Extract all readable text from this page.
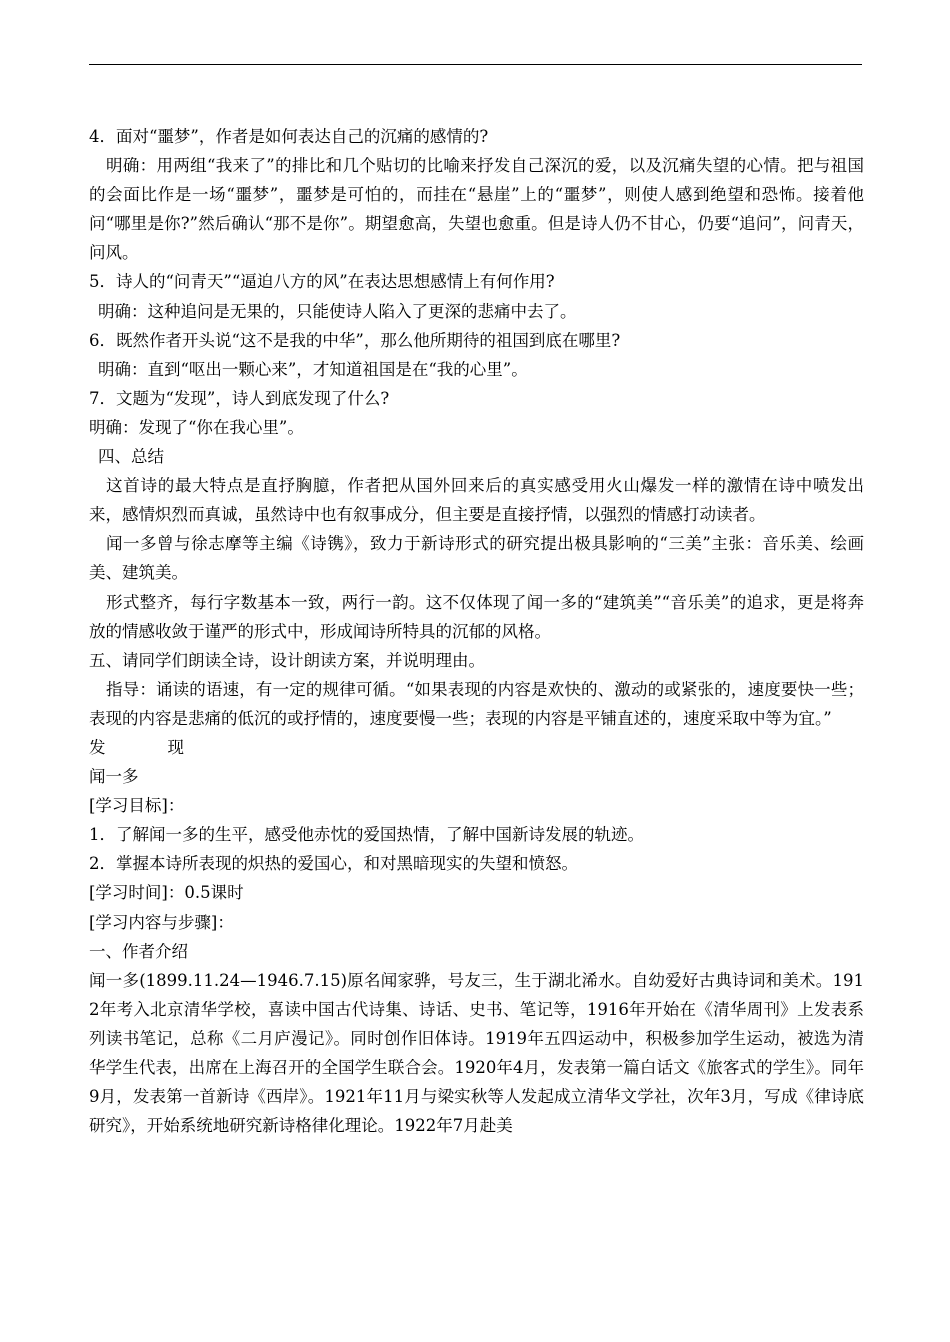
4．面对“噩梦”，作者是如何表达自己的沉痛的感情的?

明确：用两组“我来了”的排比和几个贴切的比喻来抒发自己深沉的爱，以及沉痛失望的心情。把与祖国的会面比作是一场“噩梦”，噩梦是可怕的，而挂在“悬崖”上的“噩梦”，则使人感到绝望和恐怖。接着他问“哪里是你?”然后确认“那不是你”。期望愈高，失望也愈重。但是诗人仍不甘心，仍要“追问”，问青天，问风。

5．诗人的“问青天”“逼迫八方的风”在表达思想感情上有何作用?

明确：这种追问是无果的，只能使诗人陷入了更深的悲痛中去了。

6．既然作者开头说“这不是我的中华”，那么他所期待的祖国到底在哪里?

明确：直到“呕出一颗心来”，才知道祖国是在“我的心里”。

7．文题为“发现”，诗人到底发现了什么?

明确：发现了“你在我心里”。

四、总结

这首诗的最大特点是直抒胸臆，作者把从国外回来后的真实感受用火山爆发一样的激情在诗中喷发出来，感情炽烈而真诚，虽然诗中也有叙事成分，但主要是直接抒情，以强烈的情感打动读者。

闻一多曾与徐志摩等主编《诗镌》，致力于新诗形式的研究提出极具影响的“三美”主张：音乐美、绘画美、建筑美。

形式整齐，每行字数基本一致，两行一韵。这不仅体现了闻一多的“建筑美”“音乐美”的追求，更是将奔放的情感收敛于谨严的形式中，形成闻诗所特具的沉郁的风格。

五、请同学们朗读全诗，设计朗读方案，并说明理由。

指导：诵读的语速，有一定的规律可循。“如果表现的内容是欢快的、激动的或紧张的，速度要快一些；表现的内容是悲痛的低沉的或抒情的，速度要慢一些；表现的内容是平铺直述的，速度采取中等为宜。”

发	现

闻一多

[学习目标]：

1．了解闻一多的生平，感受他赤忱的爱国热情，了解中国新诗发展的轨迹。

2．掌握本诗所表现的炽热的爱国心，和对黑暗现实的失望和愤怒。

[学习时间]：0.5课时

[学习内容与步骤]：

一、作者介绍

闻一多(1899.11.24—1946.7.15)原名闻家骅，号友三，生于湖北浠水。自幼爱好古典诗词和美术。1912年考入北京清华学校，喜读中国古代诗集、诗话、史书、笔记等，1916年开始在《清华周刊》上发表系列读书笔记，总称《二月庐漫记》。同时创作旧体诗。1919年五四运动中，积极参加学生运动，被选为清华学生代表，出席在上海召开的全国学生联合会。1920年4月，发表第一篇白话文《旅客式的学生》。同年9月，发表第一首新诗《西岸》。1921年11月与梁实秋等人发起成立清华文学社，次年3月，写成《律诗底研究》，开始系统地研究新诗格律化理论。1922年7月赴美
